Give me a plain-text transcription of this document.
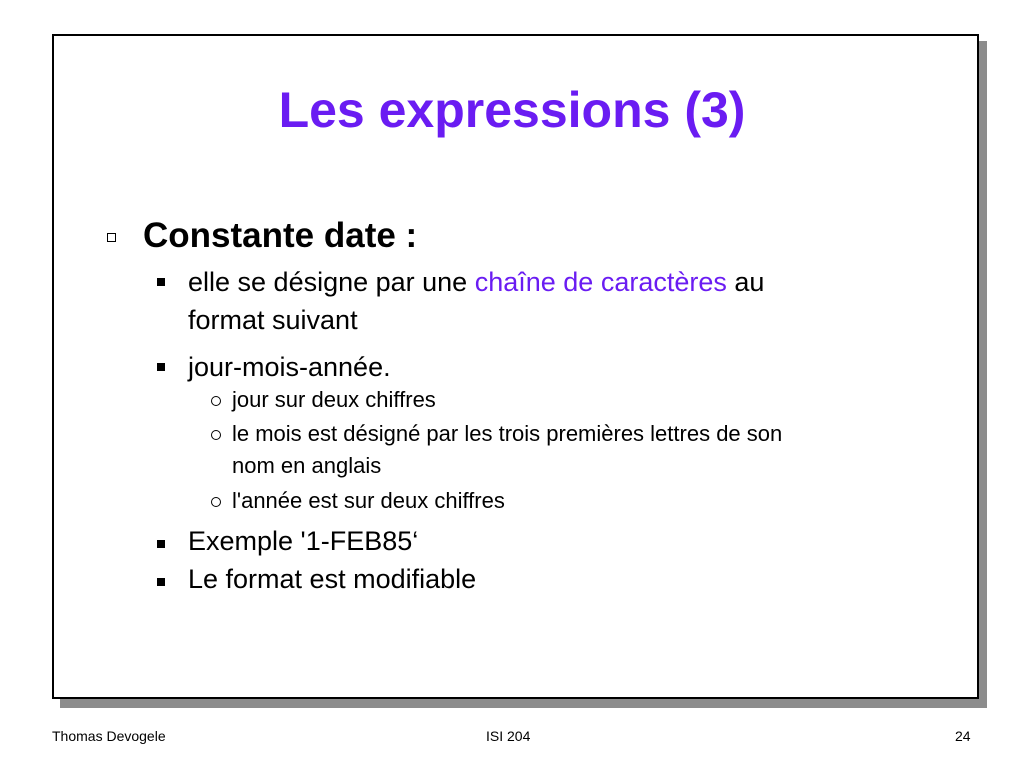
Les expressions (3)
Constante date :
elle se désigne par une chaîne de caractères au
format suivant
jour-mois-année.
jour sur deux chiffres
le mois est désigné par les trois premières lettres de son
nom en anglais
l'année est sur deux chiffres
Exemple '1-FEB85‘
Le format est modifiable
Thomas Devogele	ISI 204	24
